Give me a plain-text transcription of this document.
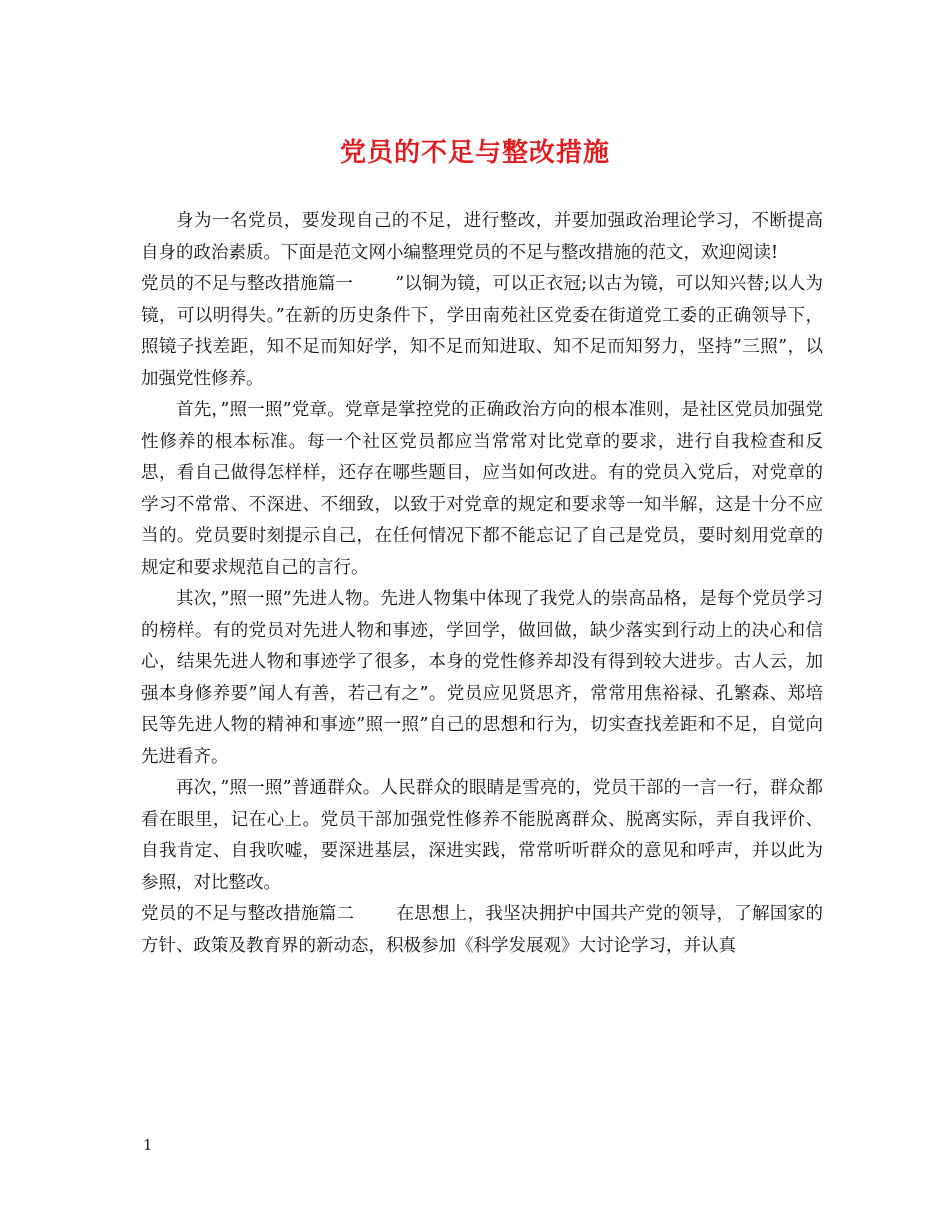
党员的不足与整改措施

身为一名党员，要发现自己的不足，进行整改，并要加强政治理论学习，不断提高自身的政治素质。下面是范文网小编整理党员的不足与整改措施的范文，欢迎阅读!

党员的不足与整改措施篇一 ”以铜为镜，可以正衣冠;以古为镜，可以知兴替;以人为镜，可以明得失。”在新的历史条件下，学田南苑社区党委在街道党工委的正确领导下，照镜子找差距，知不足而知好学，知不足而知进取、知不足而知努力，坚持”三照”，以加强党性修养。

首先，”照一照”党章。党章是掌控党的正确政治方向的根本准则，是社区党员加强党性修养的根本标准。每一个社区党员都应当常常对比党章的要求，进行自我检查和反思，看自己做得怎样样，还存在哪些题目，应当如何改进。有的党员入党后，对党章的学习不常常、不深进、不细致，以致于对党章的规定和要求等一知半解，这是十分不应当的。党员要时刻提示自己，在任何情况下都不能忘记了自己是党员，要时刻用党章的规定和要求规范自己的言行。

其次，”照一照”先进人物。先进人物集中体现了我党人的崇高品格，是每个党员学习的榜样。有的党员对先进人物和事迹，学回学，做回做，缺少落实到行动上的决心和信心，结果先进人物和事迹学了很多，本身的党性修养却没有得到较大进步。古人云，加强本身修养要”闻人有善，若己有之”。党员应见贤思齐，常常用焦裕禄、孔繁森、郑培民等先进人物的精神和事迹”照一照”自己的思想和行为，切实查找差距和不足，自觉向先进看齐。

再次，”照一照”普通群众。人民群众的眼睛是雪亮的，党员干部的一言一行，群众都看在眼里，记在心上。党员干部加强党性修养不能脱离群众、脱离实际，弄自我评价、自我肯定、自我吹嘘，要深进基层，深进实践，常常听听群众的意见和呼声，并以此为参照，对比整改。

党员的不足与整改措施篇二 在思想上，我坚决拥护中国共产党的领导，了解国家的方针、政策及教育界的新动态，积极参加《科学发展观》大讨论学习，并认真

1
